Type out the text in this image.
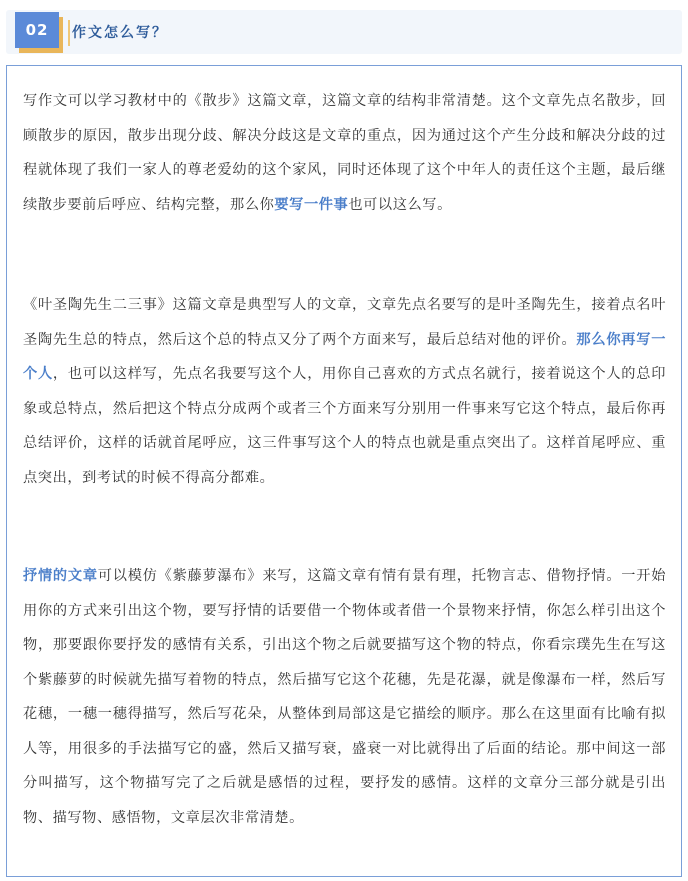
02 作文怎么写？

写作文可以学习教材中的《散步》这篇文章，这篇文章的结构非常清楚。这个文章先点名散步，回顾散步的原因，散步出现分歧、解决分歧这是文章的重点，因为通过这个产生分歧和解决分歧的过程就体现了我们一家人的尊老爱幼的这个家风，同时还体现了这个中年人的责任这个主题，最后继续散步要前后呼应、结构完整，那么你要写一件事也可以这么写。

《叶圣陶先生二三事》这篇文章是典型写人的文章，文章先点名要写的是叶圣陶先生，接着点名叶圣陶先生总的特点，然后这个总的特点又分了两个方面来写，最后总结对他的评价。那么你再写一个人，也可以这样写，先点名我要写这个人，用你自己喜欢的方式点名就行，接着说这个人的总印象或总特点，然后把这个特点分成两个或者三个方面来写分别用一件事来写它这个特点，最后你再总结评价，这样的话就首尾呼应，这三件事写这个人的特点也就是重点突出了。这样首尾呼应、重点突出，到考试的时候不得高分都难。

抒情的文章可以模仿《紫藤萝瀑布》来写，这篇文章有情有景有理，托物言志、借物抒情。一开始用你的方式来引出这个物，要写抒情的话要借一个物体或者借一个景物来抒情，你怎么样引出这个物，那要跟你要抒发的感情有关系，引出这个物之后就要描写这个物的特点，你看宗璞先生在写这个紫藤萝的时候就先描写着物的特点，然后描写它这个花穗，先是花瀑，就是像瀑布一样，然后写花穗，一穗一穗得描写，然后写花朵，从整体到局部这是它描绘的顺序。那么在这里面有比喻有拟人等，用很多的手法描写它的盛，然后又描写衰，盛衰一对比就得出了后面的结论。那中间这一部分叫描写，这个物描写完了之后就是感悟的过程，要抒发的感情。这样的文章分三部分就是引出物、描写物、感悟物，文章层次非常清楚。
